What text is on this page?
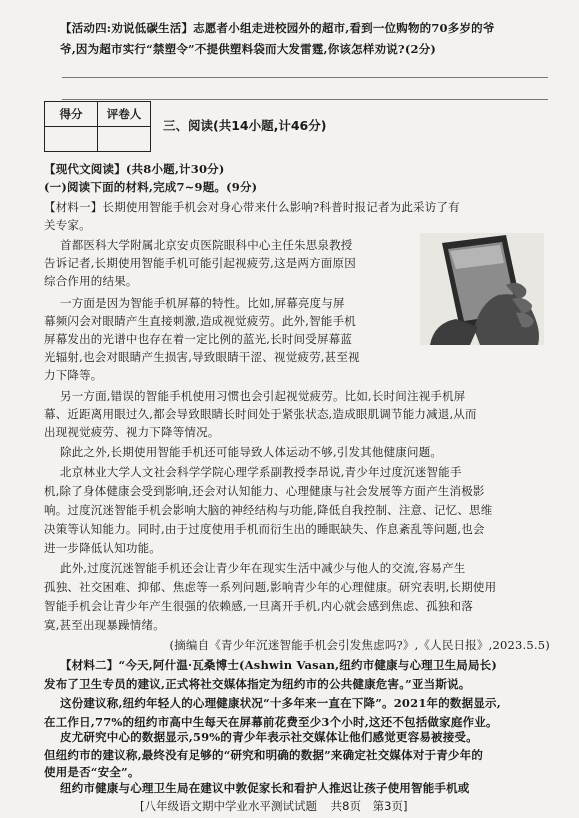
【活动四:劝说低碳生活】志愿者小组走进校园外的超市,看到一位购物的70多岁的爷
爷,因为超市实行“禁塑令”不提供塑料袋而大发雷霆,你该怎样劝说?(2分)
得分	评卷人

三、阅读(共14小题,计46分)
【现代文阅读】(共8小题,计30分)
(一)阅读下面的材料,完成7~9题。(9分)
【材料一】长期使用智能手机会对身心带来什么影响?科普时报记者为此采访了有
关专家。
首都医科大学附属北京安贞医院眼科中心主任朱思泉教授
告诉记者,长期使用智能手机可能引起视疲劳,这是两方面原因
综合作用的结果。
一方面是因为智能手机屏幕的特性。比如,屏幕亮度与屏
幕频闪会对眼睛产生直接刺激,造成视觉疲劳。此外,智能手机
屏幕发出的光谱中也存在着一定比例的蓝光,长时间受屏幕蓝
光辐射,也会对眼睛产生损害,导致眼睛干涩、视觉疲劳,甚至视
力下降等。
另一方面,错误的智能手机使用习惯也会引起视觉疲劳。比如,长时间注视手机屏
幕、近距离用眼过久,都会导致眼睛长时间处于紧张状态,造成眼肌调节能力减退,从而
出现视觉疲劳、视力下降等情况。
除此之外,长期使用智能手机还可能导致人体运动不够,引发其他健康问题。
北京林业大学人文社会科学学院心理学系副教授李昂说,青少年过度沉迷智能手
机,除了身体健康会受到影响,还会对认知能力、心理健康与社会发展等方面产生消极影
响。过度沉迷智能手机会影响大脑的神经结构与功能,降低自我控制、注意、记忆、思维
决策等认知能力。同时,由于过度使用手机而衍生出的睡眠缺失、作息紊乱等问题,也会
进一步降低认知功能。
此外,过度沉迷智能手机还会让青少年在现实生活中减少与他人的交流,容易产生
孤独、社交困难、抑郁、焦虑等一系列问题,影响青少年的心理健康。研究表明,长期使用
智能手机会让青少年产生很强的依赖感,一旦离开手机,内心就会感到焦虑、孤独和落
寞,甚至出现暴躁情绪。
(摘编自《青少年沉迷智能手机会引发焦虑吗?》,《人民日报》,2023.5.5)
【材料二】“今天,阿什温·瓦桑博士(Ashwin Vasan,纽约市健康与心理卫生局局长)
发布了卫生专员的建议,正式将社交媒体指定为纽约市的公共健康危害。”亚当斯说。
这份建议称,纽约年轻人的心理健康状况“十多年来一直在下降”。2021年的数据显示,
在工作日,77%的纽约市高中生每天在屏幕前花费至少3个小时,这还不包括做家庭作业。
皮尤研究中心的数据显示,59%的青少年表示社交媒体让他们感觉更容易被接受。
但纽约市的建议称,最终没有足够的“研究和明确的数据”来确定社交媒体对于青少年的
使用是否“安全”。
[八年级语文期中学业水平测试试题 共8页 第3页]
纽约市健康与心理卫生局在建议中敦促家长和看护人推迟让孩子使用智能手机或
